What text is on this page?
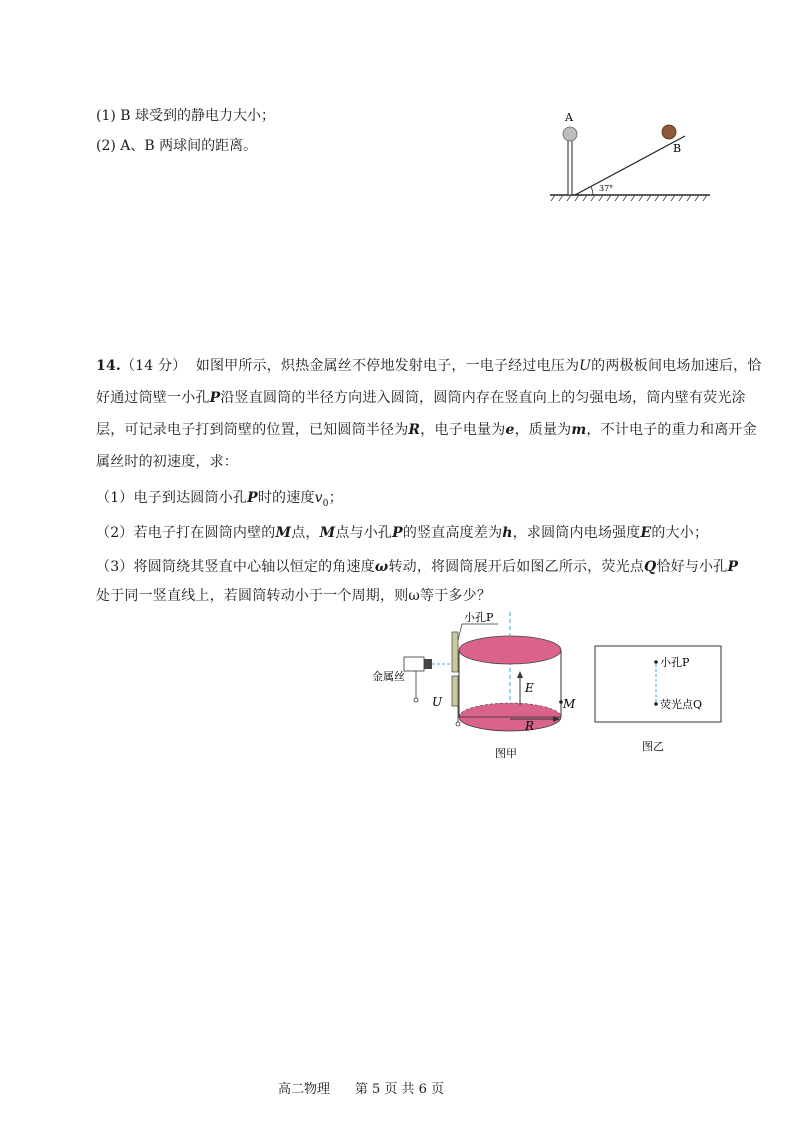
(1) B 球受到的静电力大小；
(2) A、B 两球间的距离。
A
B
37°
14.（14 分） 如图甲所示，炽热金属丝不停地发射电子，一电子经过电压为U的两极板间电场加速后，恰
好通过筒壁一小孔P沿竖直圆筒的半径方向进入圆筒，圆筒内存在竖直向上的匀强电场，筒内壁有荧光涂
层，可记录电子打到筒壁的位置，已知圆筒半径为R，电子电量为e，质量为m，不计电子的重力和离开金
属丝时的初速度，求：
（1）电子到达圆筒小孔P时的速度$v_0$；
（2）若电子打在圆筒内壁的M点，M点与小孔P的竖直高度差为h，求圆筒内电场强度E的大小；
（3）将圆筒绕其竖直中心轴以恒定的角速度ω转动，将圆筒展开后如图乙所示，荧光点Q恰好与小孔P
处于同一竖直线上，若圆筒转动小于一个周期，则ω等于多少？
小孔P
金属丝
U
E
R
M
图甲
小孔P
荧光点Q
图乙
高二物理 第 5 页 共 6 页
